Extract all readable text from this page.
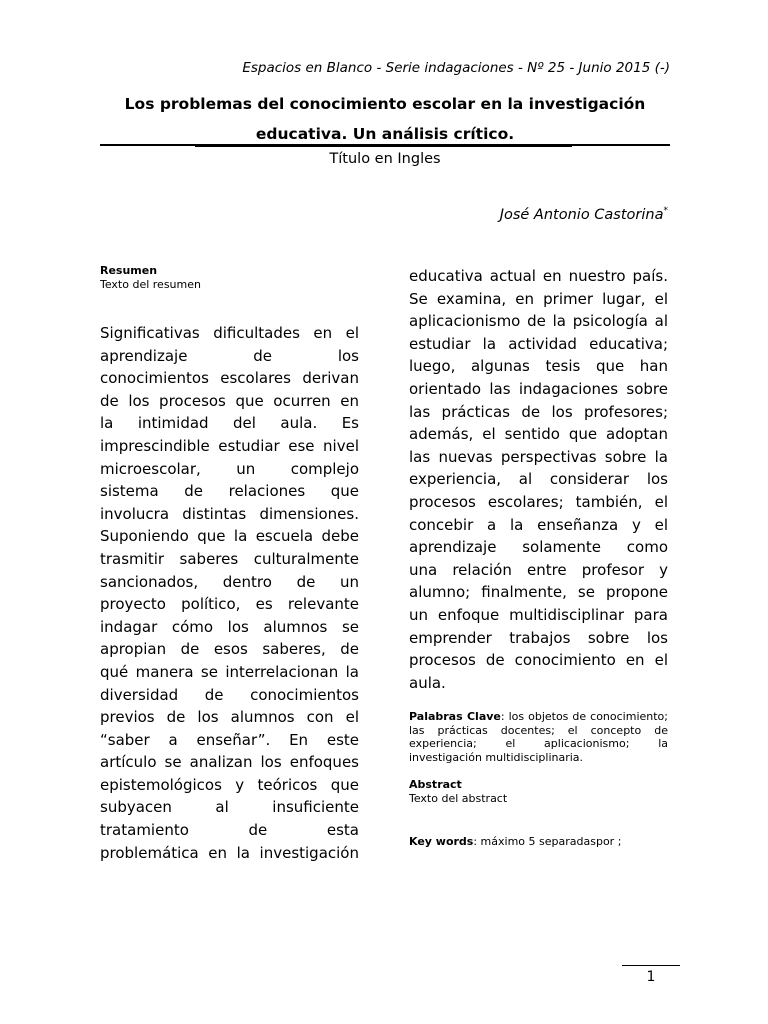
Espacios en Blanco - Serie indagaciones - Nº 25 - Junio 2015 (-)
Los problemas del conocimiento escolar en la investigación
educativa. Un análisis crítico.
Título en Ingles
José Antonio Castorina*
Resumen
Texto del resumen
Significativas dificultades en el
aprendizaje de los
conocimientos escolares derivan
de los procesos que ocurren en
la intimidad del aula. Es
imprescindible estudiar ese nivel
microescolar, un complejo
sistema de relaciones que
involucra distintas dimensiones.
Suponiendo que la escuela debe
trasmitir saberes culturalmente
sancionados, dentro de un
proyecto político, es relevante
indagar cómo los alumnos se
apropian de esos saberes, de
qué manera se interrelacionan la
diversidad de conocimientos
previos de los alumnos con el
“saber a enseñar”. En este
artículo se analizan los enfoques
epistemológicos y teóricos que
subyacen al insuficiente
tratamiento de esta
problemática en la investigación
educativa actual en nuestro país.
Se examina, en primer lugar, el
aplicacionismo de la psicología al
estudiar la actividad educativa;
luego, algunas tesis que han
orientado las indagaciones sobre
las prácticas de los profesores;
además, el sentido que adoptan
las nuevas perspectivas sobre la
experiencia, al considerar los
procesos escolares; también, el
concebir a la enseñanza y el
aprendizaje solamente como
una relación entre profesor y
alumno; finalmente, se propone
un enfoque multidisciplinar para
emprender trabajos sobre los
procesos de conocimiento en el
aula.
Palabras Clave: los objetos de conocimiento; las prácticas docentes; el concepto de experiencia; el aplicacionismo; la investigación multidisciplinaria.
Abstract
Texto del abstract
Key words: máximo 5 separadaspor ;
1
